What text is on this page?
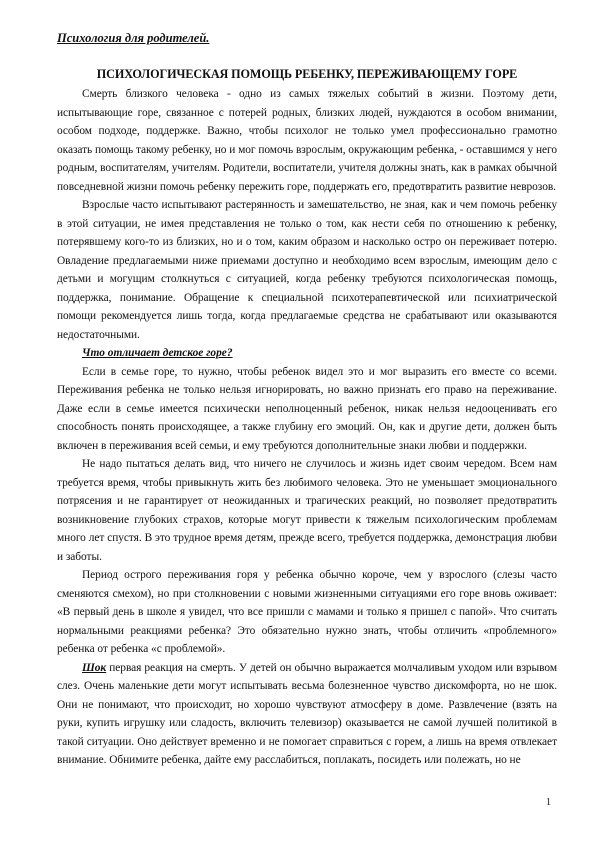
Психология для родителей.
ПСИХОЛОГИЧЕСКАЯ ПОМОЩЬ РЕБЕНКУ, ПЕРЕЖИВАЮЩЕМУ ГОРЕ

Смерть близкого человека - одно из самых тяжелых событий в жизни. Поэтому дети, испытывающие горе, связанное с потерей родных, близких людей, нуждаются в особом внимании, особом подходе, поддержке. Важно, чтобы психолог не только умел профессионально грамотно оказать помощь такому ребенку, но и мог помочь взрослым, окружающим ребенка, - оставшимся у него родным, воспитателям, учителям. Родители, воспитатели, учителя должны знать, как в рамках обычной повседневной жизни помочь ребенку пережить горе, поддержать его, предотвратить развитие неврозов.

Взрослые часто испытывают растерянность и замешательство, не зная, как и чем помочь ребенку в этой ситуации, не имея представления не только о том, как нести себя по отношению к ребенку, потерявшему кого-то из близких, но и о том, каким образом и насколько остро он переживает потерю. Овладение предлагаемыми ниже приемами доступно и необходимо всем взрослым, имеющим дело с детьми и могущим столкнуться с ситуацией, когда ребенку требуются психологическая помощь, поддержка, понимание. Обращение к специальной психотерапевтической или психиатрической помощи рекомендуется лишь тогда, когда предлагаемые средства не срабатывают или оказываются недостаточными.

Что отличает детское горе?

Если в семье горе, то нужно, чтобы ребенок видел это и мог выразить его вместе со всеми. Переживания ребенка не только нельзя игнорировать, но важно признать его право на переживание. Даже если в семье имеется психически неполноценный ребенок, никак нельзя недооценивать его способность понять происходящее, а также глубину его эмоций. Он, как и другие дети, должен быть включен в переживания всей семьи, и ему требуются дополнительные знаки любви и поддержки.

Не надо пытаться делать вид, что ничего не случилось и жизнь идет своим чередом. Всем нам требуется время, чтобы привыкнуть жить без любимого человека. Это не уменьшает эмоционального потрясения и не гарантирует от неожиданных и трагических реакций, но позволяет предотвратить возникновение глубоких страхов, которые могут привести к тяжелым психологическим проблемам много лет спустя. В это трудное время детям, прежде всего, требуется поддержка, демонстрация любви и заботы.

Период острого переживания горя у ребенка обычно короче, чем у взрослого (слезы часто сменяются смехом), но при столкновении с новыми жизненными ситуациями его горе вновь оживает: «В первый день в школе я увидел, что все пришли с мамами и только я пришел с папой». Что считать нормальными реакциями ребенка? Это обязательно нужно знать, чтобы отличить «проблемного» ребенка от ребенка «с проблемой».

Шок первая реакция на смерть. У детей он обычно выражается молчаливым уходом или взрывом слез. Очень маленькие дети могут испытывать весьма болезненное чувство дискомфорта, но не шок. Они не понимают, что происходит, но хорошо чувствуют атмосферу в доме. Развлечение (взять на руки, купить игрушку или сладость, включить телевизор) оказывается не самой лучшей политикой в такой ситуации. Оно действует временно и не помогает справиться с горем, а лишь на время отвлекает внимание. Обнимите ребенка, дайте ему расслабиться, поплакать, посидеть или полежать, но не

1
